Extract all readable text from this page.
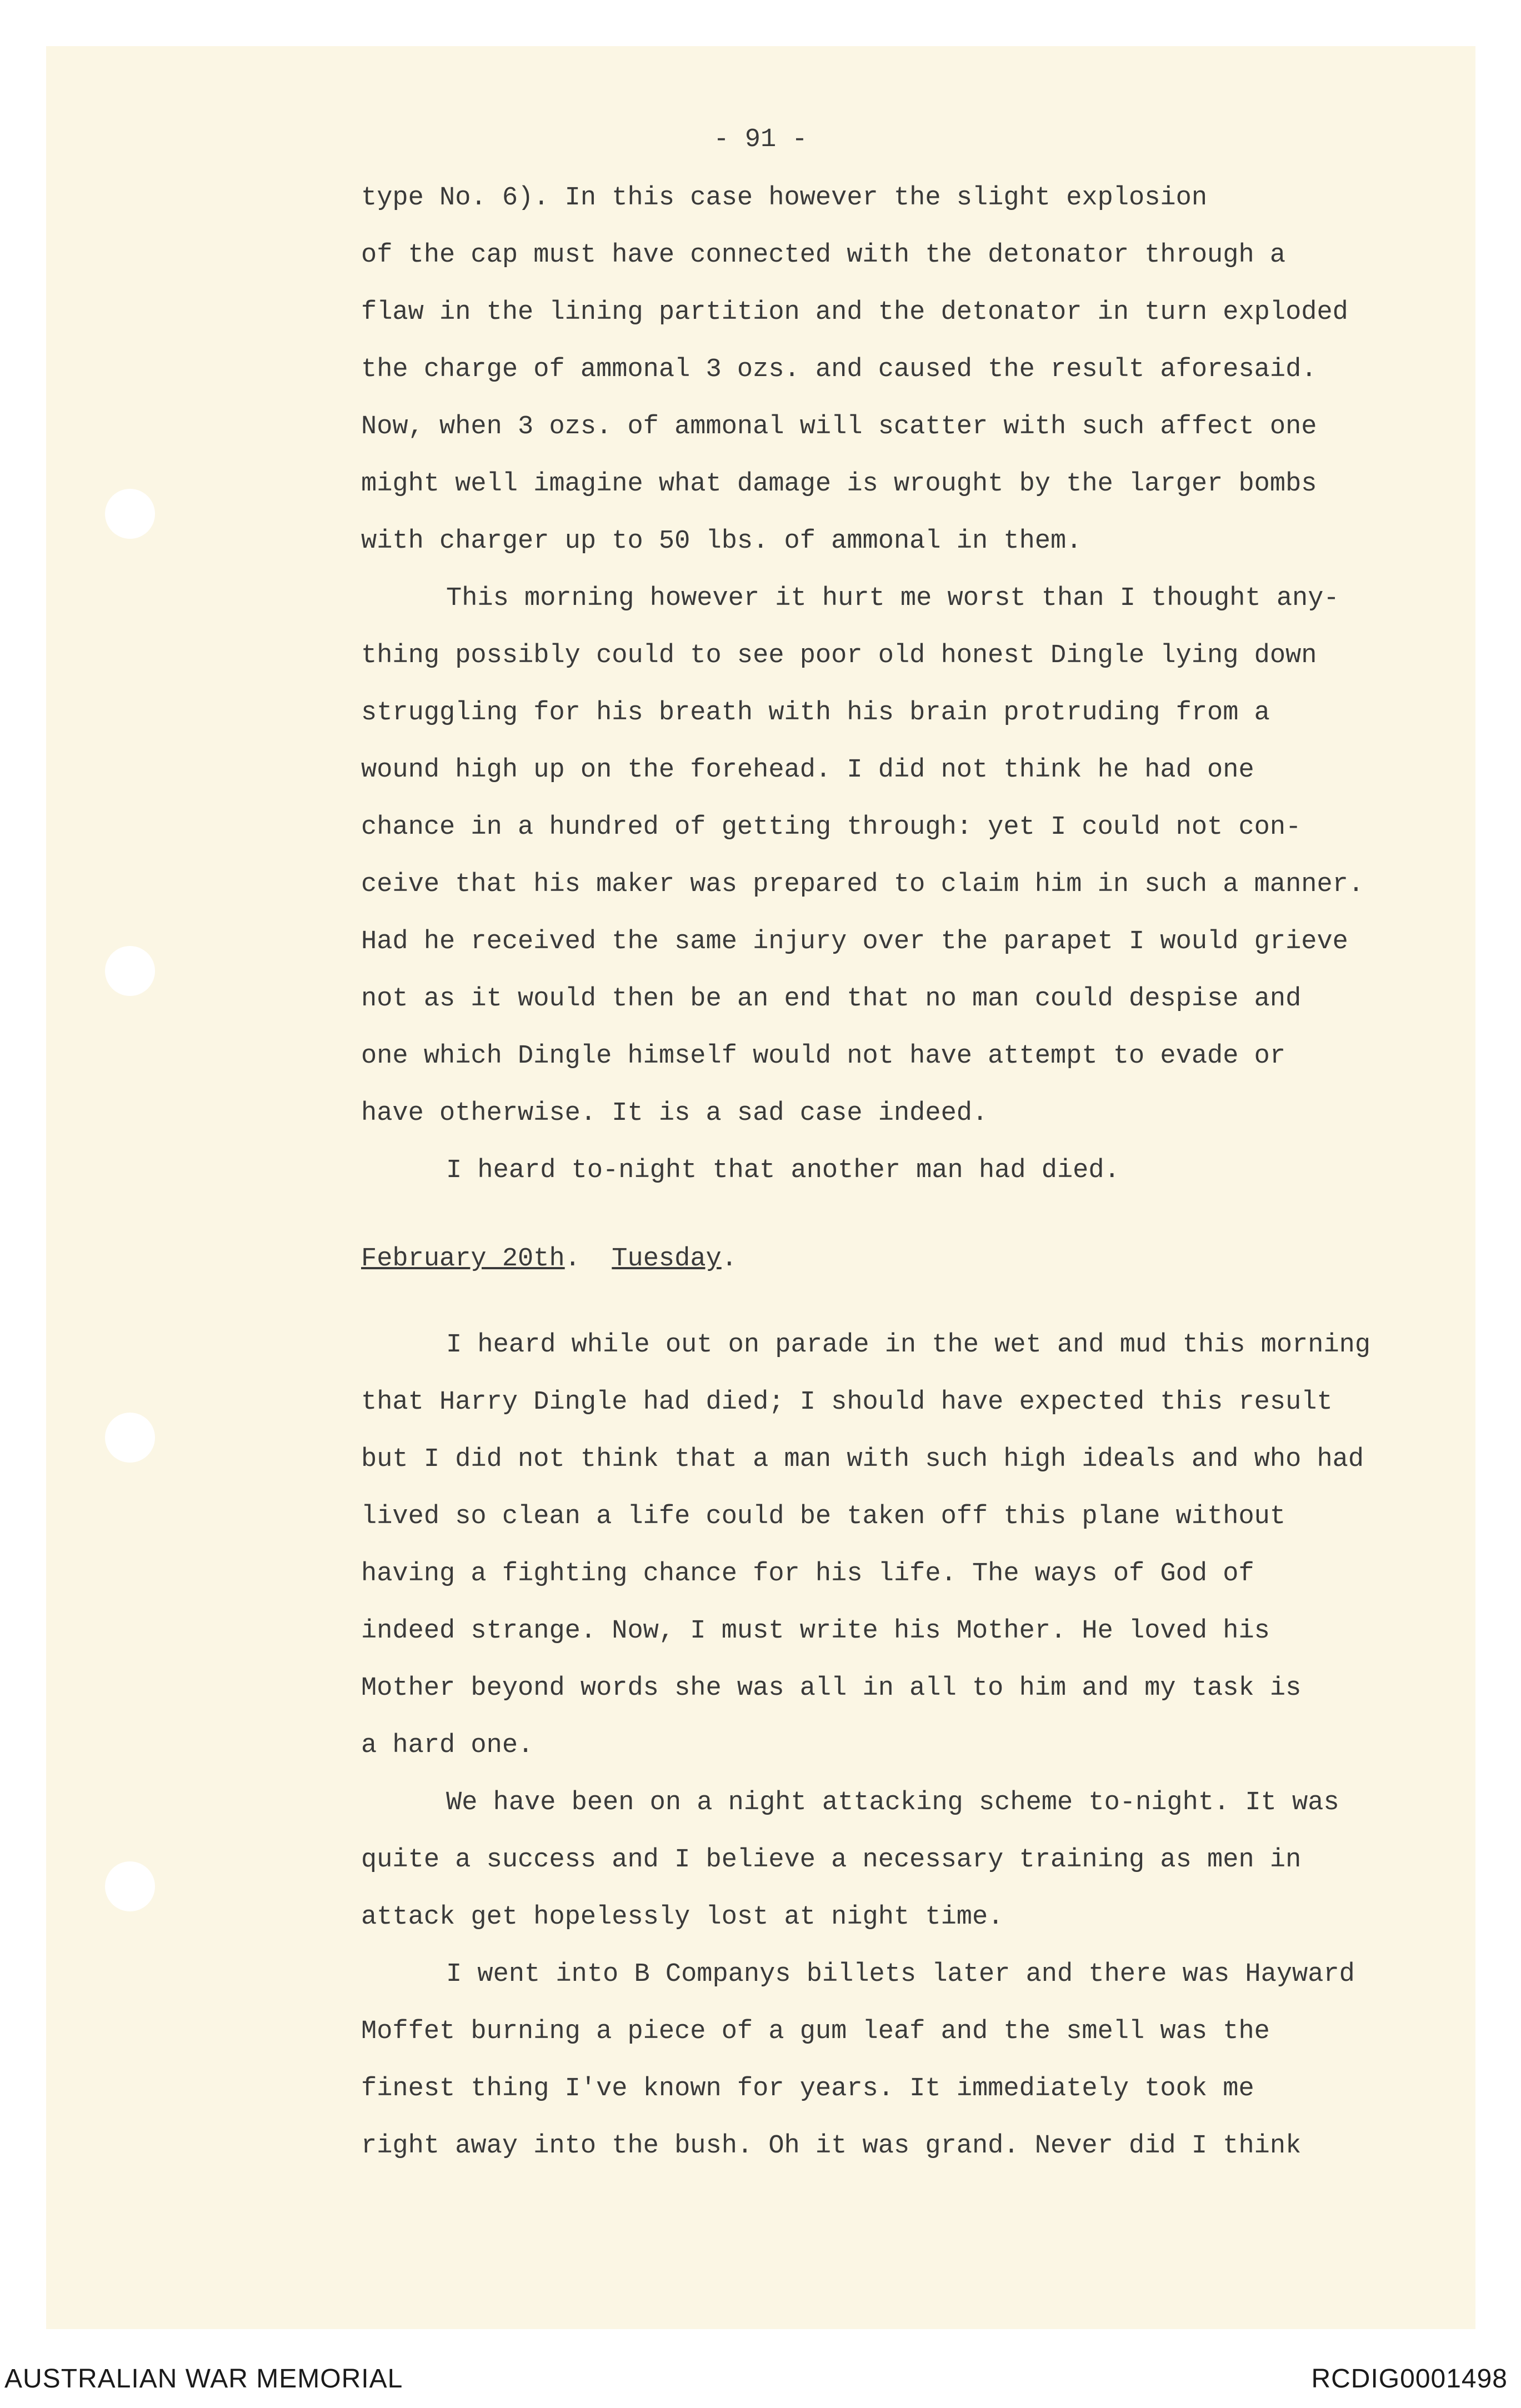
- 91 -

type No. 6). In this case however the slight explosion

of the cap must have connected with the detonator through a

flaw in the lining partition and the detonator in turn exploded

the charge of ammonal 3 ozs. and caused the result aforesaid.

Now, when 3 ozs. of ammonal will scatter with such affect one

might well imagine what damage is wrought by the larger bombs

with charger up to 50 lbs. of ammonal in them.

This morning however it hurt me worst than I thought any-

thing possibly could to see poor old honest Dingle lying down

struggling for his breath with his brain protruding from a

wound high up on the forehead. I did not think he had one

chance in a hundred of getting through: yet I could not con-

ceive that his maker was prepared to claim him in such a manner.

Had he received the same injury over the parapet I would grieve

not as it would then be an end that no man could despise and

one which Dingle himself would not have attempt to evade or

have otherwise. It is a sad case indeed.

I heard to-night that another man had died.

February 20th.  Tuesday.

I heard while out on parade in the wet and mud this morning

that Harry Dingle had died; I should have expected this result

but I did not think that a man with such high ideals and who had

lived so clean a life could be taken off this plane without

having a fighting chance for his life. The ways of God of

indeed strange. Now, I must write his Mother. He loved his

Mother beyond words she was all in all to him and my task is

a hard one.

We have been on a night attacking scheme to-night. It was

quite a success and I believe a necessary training as men in

attack get hopelessly lost at night time.

I went into B Companys billets later and there was Hayward

Moffet burning a piece of a gum leaf and the smell was the

finest thing I've known for years. It immediately took me

right away into the bush. Oh it was grand. Never did I think

AUSTRALIAN WAR MEMORIAL	RCDIG0001498
